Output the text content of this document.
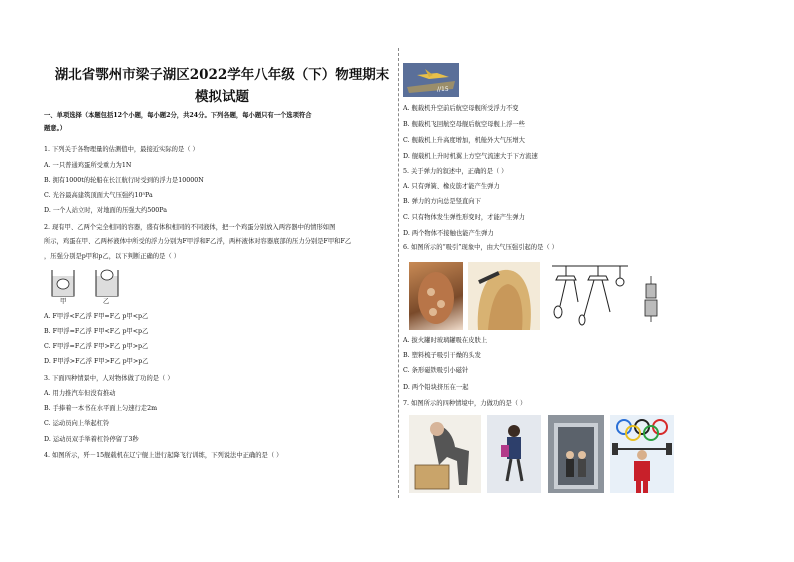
湖北省鄂州市梁子湖区2022学年八年级（下）物理期末模拟试题
一、单项选择（本题包括12个小题，每小题2分，共24分。下列各题，每小题只有一个选项符合
题意。）
1. 下列关于各物理量的估测值中，最接近实际的是（ ）
A. 一只普通鸡蛋所受重力为1N
B. 拥有1000t的轮船在长江航行时受到的浮力是10000N
C. 光谷最高建筑顶面大气压强约10⁵Pa
D. 一个人站立时，对地面的压强大约500Pa
2. 现有甲、乙两个完全相同的容器，盛有体积相同的不同液体，把一个鸡蛋分别放入两容器中的情形如图
所示，鸡蛋在甲、乙两杯液体中所受的浮力分别为F甲浮和F乙浮，两杯液体对容器底部的压力分别是F甲和F乙
，压强分别是p甲和p乙，以下判断正确的是（ ）
甲	乙
A. F甲浮<F乙浮 F甲=F乙 p甲<p乙
B. F甲浮=F乙浮 F甲<F乙 p甲<p乙
C. F甲浮=F乙浮 F甲>F乙 p甲>p乙
D. F甲浮>F乙浮 F甲>F乙 p甲>p乙
3. 下面四种情景中，人对物体做了功的是（ ）
A. 用力推汽车但没有推动
B. 手捧着一本书在水平面上匀速行走2m
C. 运动员向上举起杠铃
D. 运动员双手举着杠铃停留了3秒
4. 如图所示，歼－15舰载机在辽宁舰上进行起降飞行训练，下列说法中正确的是（ ）
//15
A. 舰载机升空前后航空母舰所受浮力不变
B. 舰载机飞回航空母舰后航空母舰上浮一些
C. 舰载机上升高度增加，机舱外大气压增大
D. 舰载机上升时机翼上方空气流速大于下方流速
5. 关于弹力的叙述中，正确的是（ ）
A. 只有弹簧、橡皮筋才能产生弹力
B. 弹力的方向总是竖直向下
C. 只有物体发生弹性形变时，才能产生弹力
D. 两个物体不接触也能产生弹力
6. 如图所示的“吸引”现象中，由大气压强引起的是（ ）
A. 拔火罐时玻璃罐吸在皮肤上
B. 塑料梳子吸引干燥的头发
C. 条形磁铁吸引小磁针
D. 两个铅块挤压在一起
7. 如图所示的四种情境中，力做功的是（ ）
